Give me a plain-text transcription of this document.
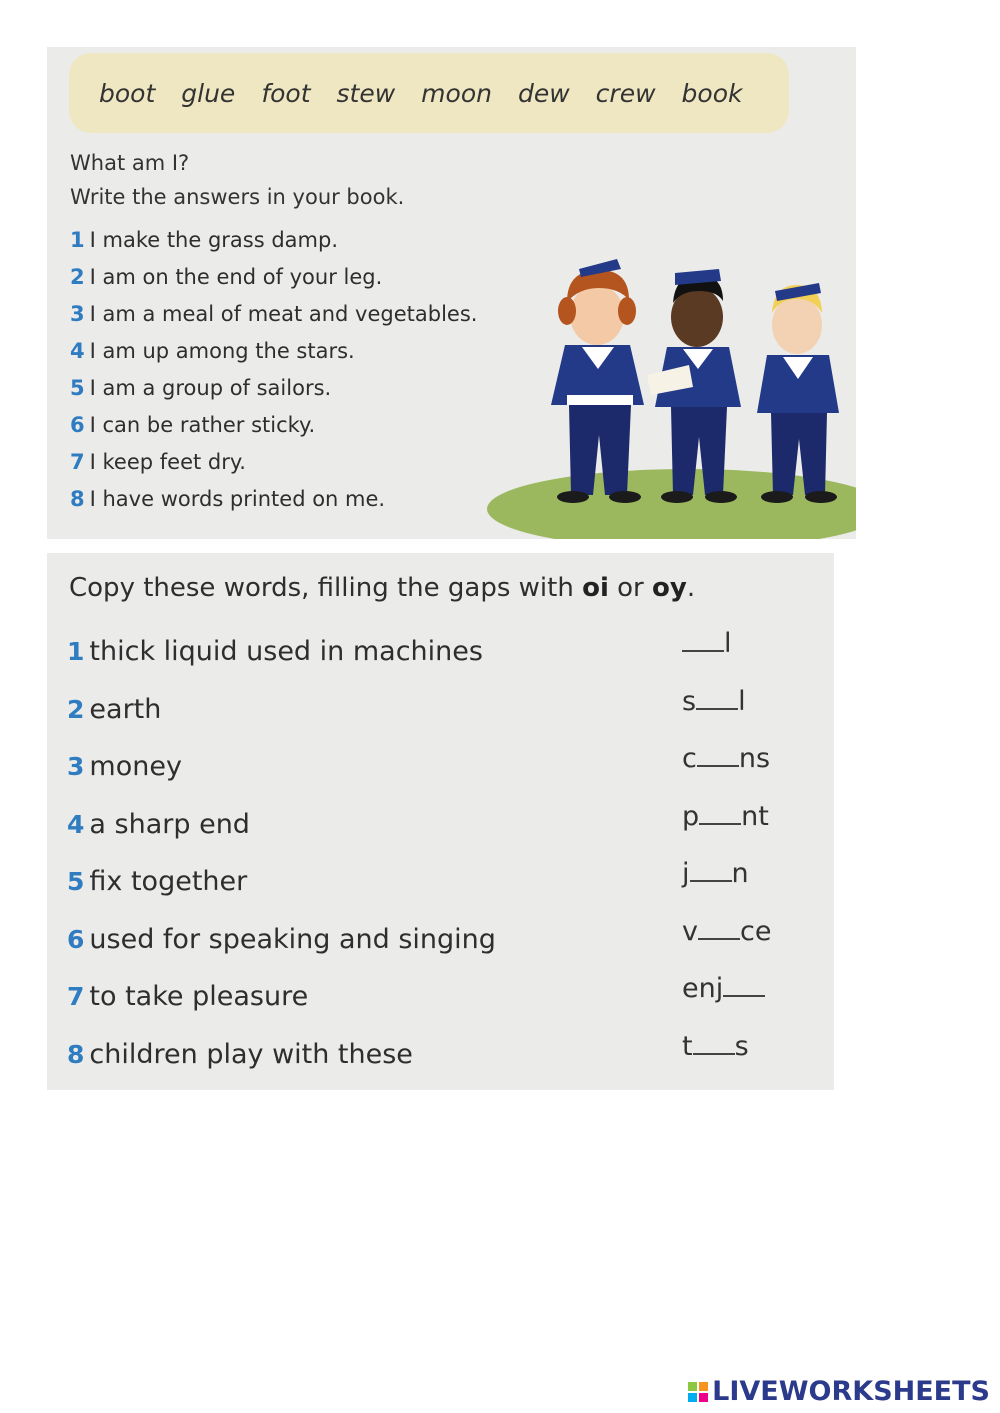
boot glue foot stew moon dew crew book
What am I?
Write the answers in your book.
1 I make the grass damp.
2 I am on the end of your leg.
3 I am a meal of meat and vegetables.
4 I am up among the stars.
5 I am a group of sailors.
6 I can be rather sticky.
7 I keep feet dry.
8 I have words printed on me.
Copy these words, filling the gaps with oi or oy.
1 thick liquid used in machines	l
2 earth	s l
3 money	c ns
4 a sharp end	p nt
5 fix together	j n
6 used for speaking and singing	v ce
7 to take pleasure	enj
8 children play with these	t s
LIVEWORKSHEETS
